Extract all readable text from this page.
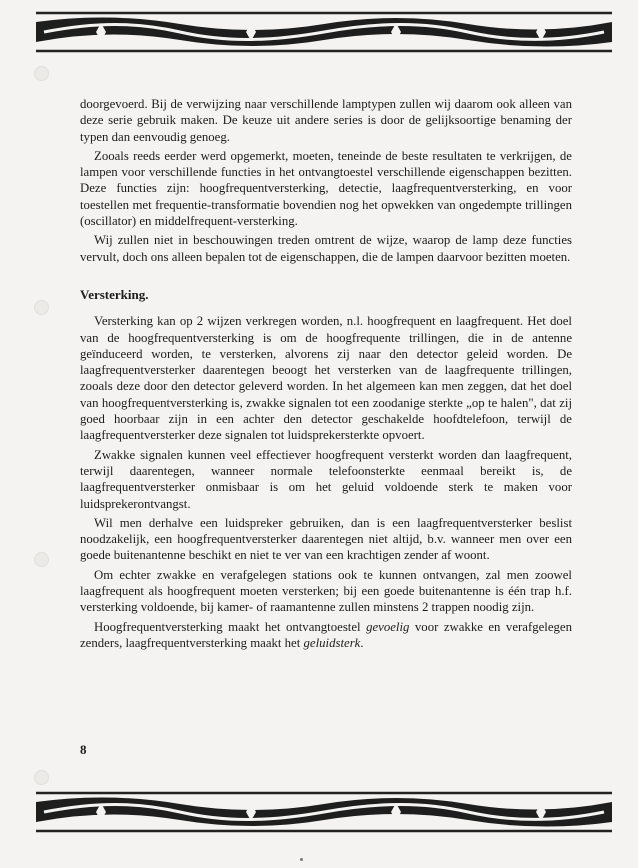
doorgevoerd. Bij de verwijzing naar verschillende lamptypen zullen wij daarom ook alleen van deze serie gebruik maken. De keuze uit andere series is door de gelijksoortige benaming der typen dan eenvoudig genoeg.

Zooals reeds eerder werd opgemerkt, moeten, teneinde de beste resultaten te verkrijgen, de lampen voor verschillende functies in het ontvangtoestel verschillende eigenschappen bezitten. Deze functies zijn: hoogfrequentversterking, detectie, laagfrequentversterking, en voor toestellen met frequentie-transformatie bovendien nog het opwekken van ongedempte trillingen (oscillator) en middelfrequent-versterking.

Wij zullen niet in beschouwingen treden omtrent de wijze, waarop de lamp deze functies vervult, doch ons alleen bepalen tot de eigenschappen, die de lampen daarvoor bezitten moeten.

Versterking.

Versterking kan op 2 wijzen verkregen worden, n.l. hoogfrequent en laagfrequent. Het doel van de hoogfrequentversterking is om de hoogfrequente trillingen, die in de antenne geïnduceerd worden, te versterken, alvorens zij naar den detector geleid worden. De laagfrequentversterker daarentegen beoogt het versterken van de laagfrequente trillingen, zooals deze door den detector geleverd worden. In het algemeen kan men zeggen, dat het doel van hoogfrequentversterking is, zwakke signalen tot een zoodanige sterkte „op te halen", dat zij goed hoorbaar zijn in een achter den detector geschakelde hoofdtelefoon, terwijl de laagfrequentversterker deze signalen tot luidsprekersterkte opvoert.

Zwakke signalen kunnen veel effectiever hoogfrequent versterkt worden dan laagfrequent, terwijl daarentegen, wanneer normale telefoonsterkte eenmaal bereikt is, de laagfrequentversterker onmisbaar is om het geluid voldoende sterk te maken voor luidsprekerontvangst.

Wil men derhalve een luidspreker gebruiken, dan is een laagfrequentversterker beslist noodzakelijk, een hoogfrequentversterker daarentegen niet altijd, b.v. wanneer men over een goede buitenantenne beschikt en niet te ver van een krachtigen zender af woont.

Om echter zwakke en verafgelegen stations ook te kunnen ontvangen, zal men zoowel laagfrequent als hoogfrequent moeten versterken; bij een goede buitenantenne is één trap h.f. versterking voldoende, bij kamer- of raamantenne zullen minstens 2 trappen noodig zijn.

Hoogfrequentversterking maakt het ontvangtoestel gevoelig voor zwakke en verafgelegen zenders, laagfrequentversterking maakt het geluidsterk.

8
